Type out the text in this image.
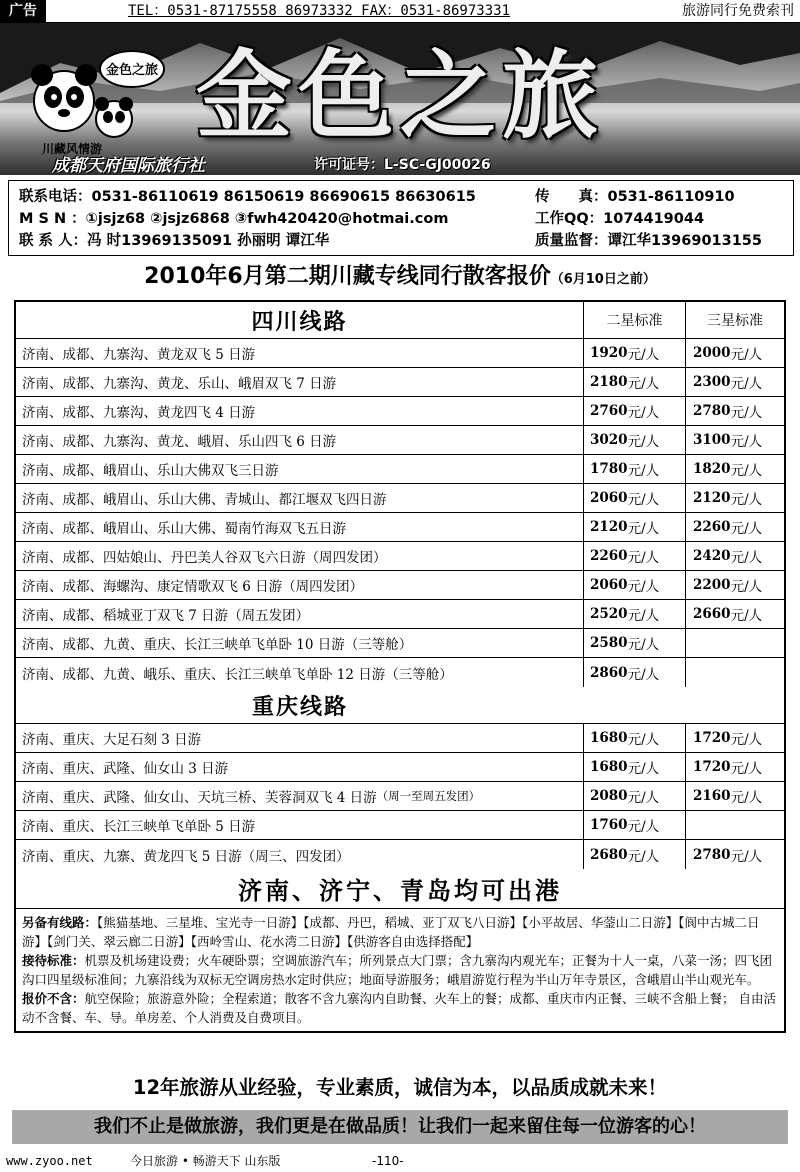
广告	TEL：0531-87175558 86973332 FAX：0531-86973331	旅游同行免费索刊
金色之旅
川藏风情游 金色之旅
成都天府国际旅行社	许可证号：L-SC-GJ00026
联系电话：0531-86110619 86150619 86690615 86630615
M S N ：①jsjz68 ②jsjz6868 ③fwh420420@hotmai.com
联 系 人：冯 时13969135091 孙丽明 谭江华
传　　真：0531-86110910
工作QQ：1074419044
质量监督：谭江华13969013155
2010年6月第二期川藏专线同行散客报价（6月10日之前）
四川线路	二星标准	三星标准
济南、成都、九寨沟、黄龙双飞 5 日游	1920 元/人	2000 元/人
济南、成都、九寨沟、黄龙、乐山、峨眉双飞 7 日游	2180 元/人	2300 元/人
济南、成都、九寨沟、黄龙四飞 4 日游	2760 元/人	2780 元/人
济南、成都、九寨沟、黄龙、峨眉、乐山四飞 6 日游	3020 元/人	3100 元/人
济南、成都、峨眉山、乐山大佛双飞三日游	1780 元/人	1820 元/人
济南、成都、峨眉山、乐山大佛、青城山、都江堰双飞四日游	2060 元/人	2120 元/人
济南、成都、峨眉山、乐山大佛、蜀南竹海双飞五日游	2120 元/人	2260 元/人
济南、成都、四姑娘山、丹巴美人谷双飞六日游（周四发团）	2260 元/人	2420 元/人
济南、成都、海螺沟、康定情歌双飞 6 日游（周四发团）	2060 元/人	2200 元/人
济南、成都、稻城亚丁双飞 7 日游（周五发团）	2520 元/人	2660 元/人
济南、成都、九黄、重庆、长江三峡单飞单卧 10 日游（三等舱）	2580 元/人
济南、成都、九黄、峨乐、重庆、长江三峡单飞单卧 12 日游（三等舱）	2860 元/人
重庆线路
济南、重庆、大足石刻 3 日游	1680 元/人	1720 元/人
济南、重庆、武隆、仙女山 3 日游	1680 元/人	1720 元/人
济南、重庆、武隆、仙女山、天坑三桥、芙蓉洞双飞 4 日游 （周一至周五发团）	2080 元/人	2160 元/人
济南、重庆、长江三峡单飞单卧 5 日游	1760 元/人
济南、重庆、九寨、黄龙四飞 5 日游（周三、四发团）	2680 元/人	2780 元/人
济南、济宁、青岛均可出港

另备有线路：【熊猫基地、三星堆、宝光寺一日游】【成都、丹巴，稻城、亚丁双飞八日游】【小平故居、华蓥山二日游】【阆中古城二日游】【剑门关、翠云廊二日游】【西岭雪山、花水湾二日游】【供游客自由选择搭配】

接待标准：机票及机场建设费；火车硬卧票；空调旅游汽车；所列景点大门票；含九寨沟内观光车；正餐为十人一桌，八菜一汤；四飞团沟口四星级标准间；九寨沿线为双标无空调房热水定时供应；地面导游服务；峨眉游览行程为半山万年寺景区，含峨眉山半山观光车。

报价不含：航空保险；旅游意外险；全程索道；散客不含九寨沟内自助餐、火车上的餐；成都、重庆市内正餐、三峡不含船上餐； 自由活动不含餐、车、导。单房差、个人消费及自费项目。

12年旅游从业经验，专业素质，诚信为本，以品质成就未来！
我们不止是做旅游，我们更是在做品质！让我们一起来留住每一位游客的心！
www.zyoo.net	今日旅游 • 畅游天下 山东版	-110-
